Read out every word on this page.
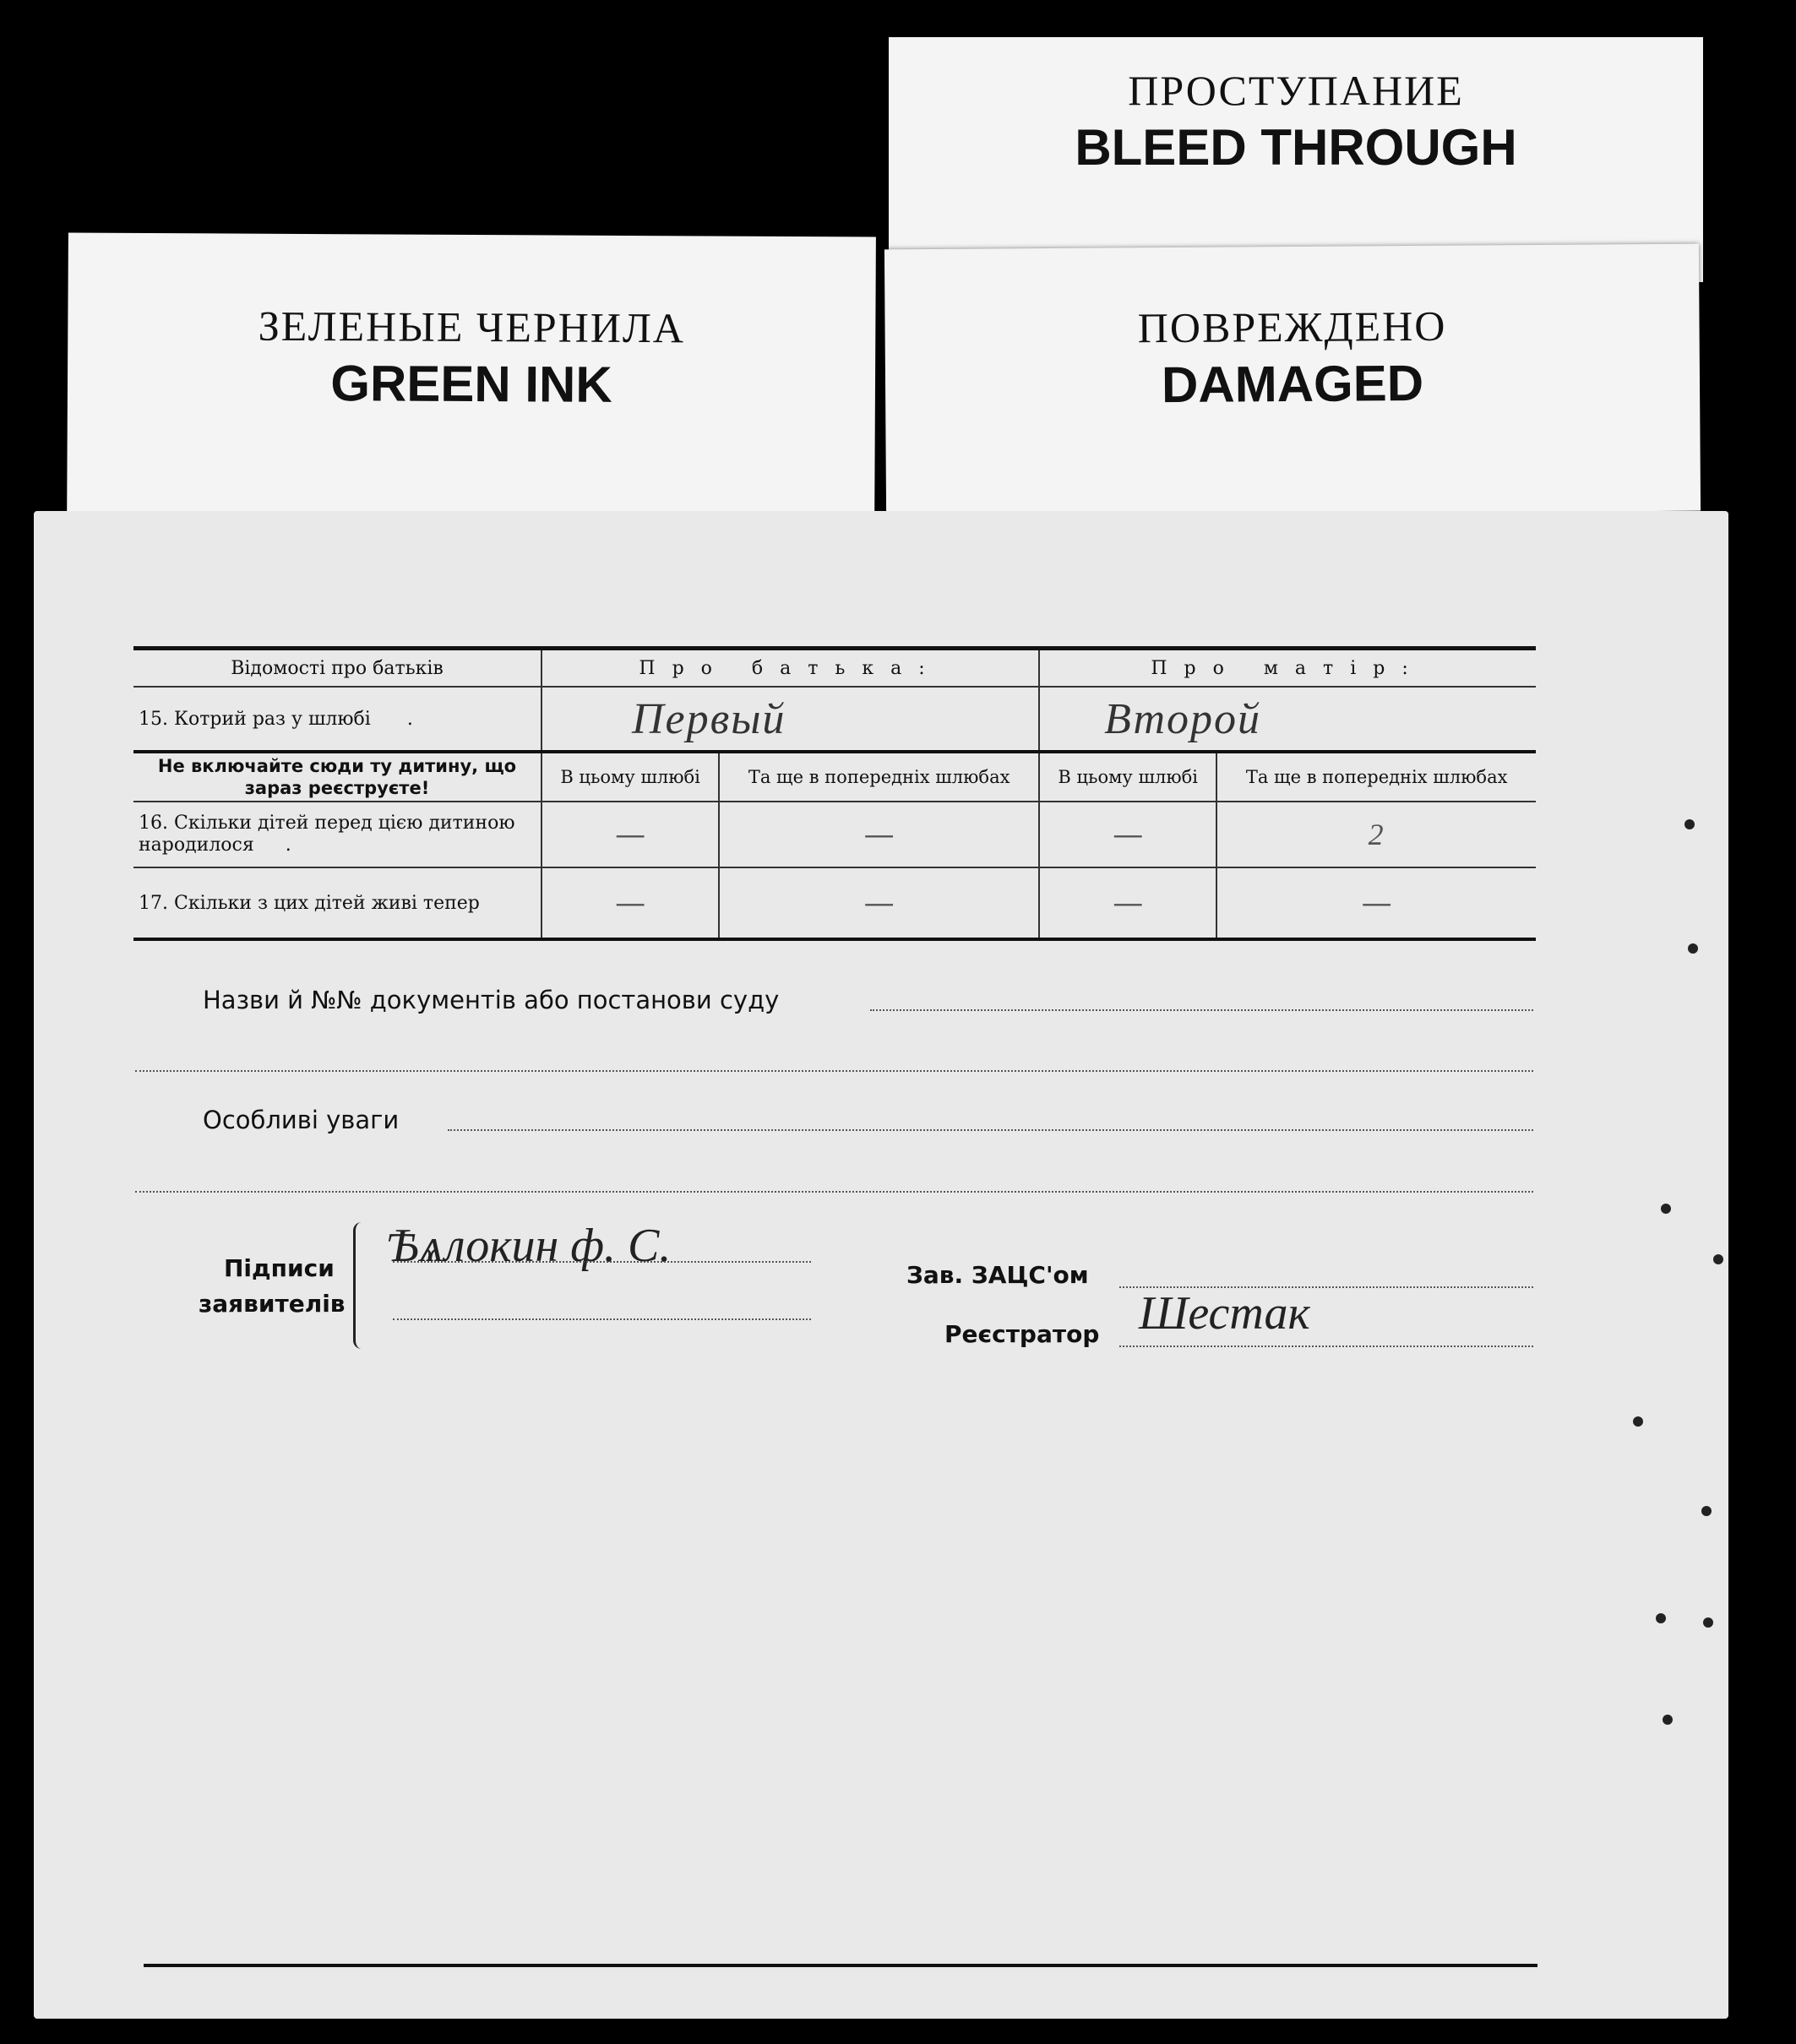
ПРОСТУПАНИЕ
BLEED THROUGH
ЗЕЛЕНЫЕ ЧЕРНИЛА
GREEN INK
ПОВРЕЖДЕНО
DAMAGED
Відомості про батьків	Про батька:		Про матір:	
15. Котрий раз у шлюбі .	Первый		Второй	
Не включайте сюди ту дитину, що зараз реєструєте!	В цьому шлюбі	Та ще в попередніх шлюбах	В цьому шлюбі	Та ще в попередніх шлюбах
16. Скільки дітей перед цією дитиною народилося .	—	—	—	2
17. Скільки з цих дітей живі тепер	—	—	—	—
Назви й №№ документів або постанови суду
Особливі уваги
Підписи
заявителів
Ѣѧлокин ф. С.
Зав. ЗАЦС'ом
Реєстратор Шестак
